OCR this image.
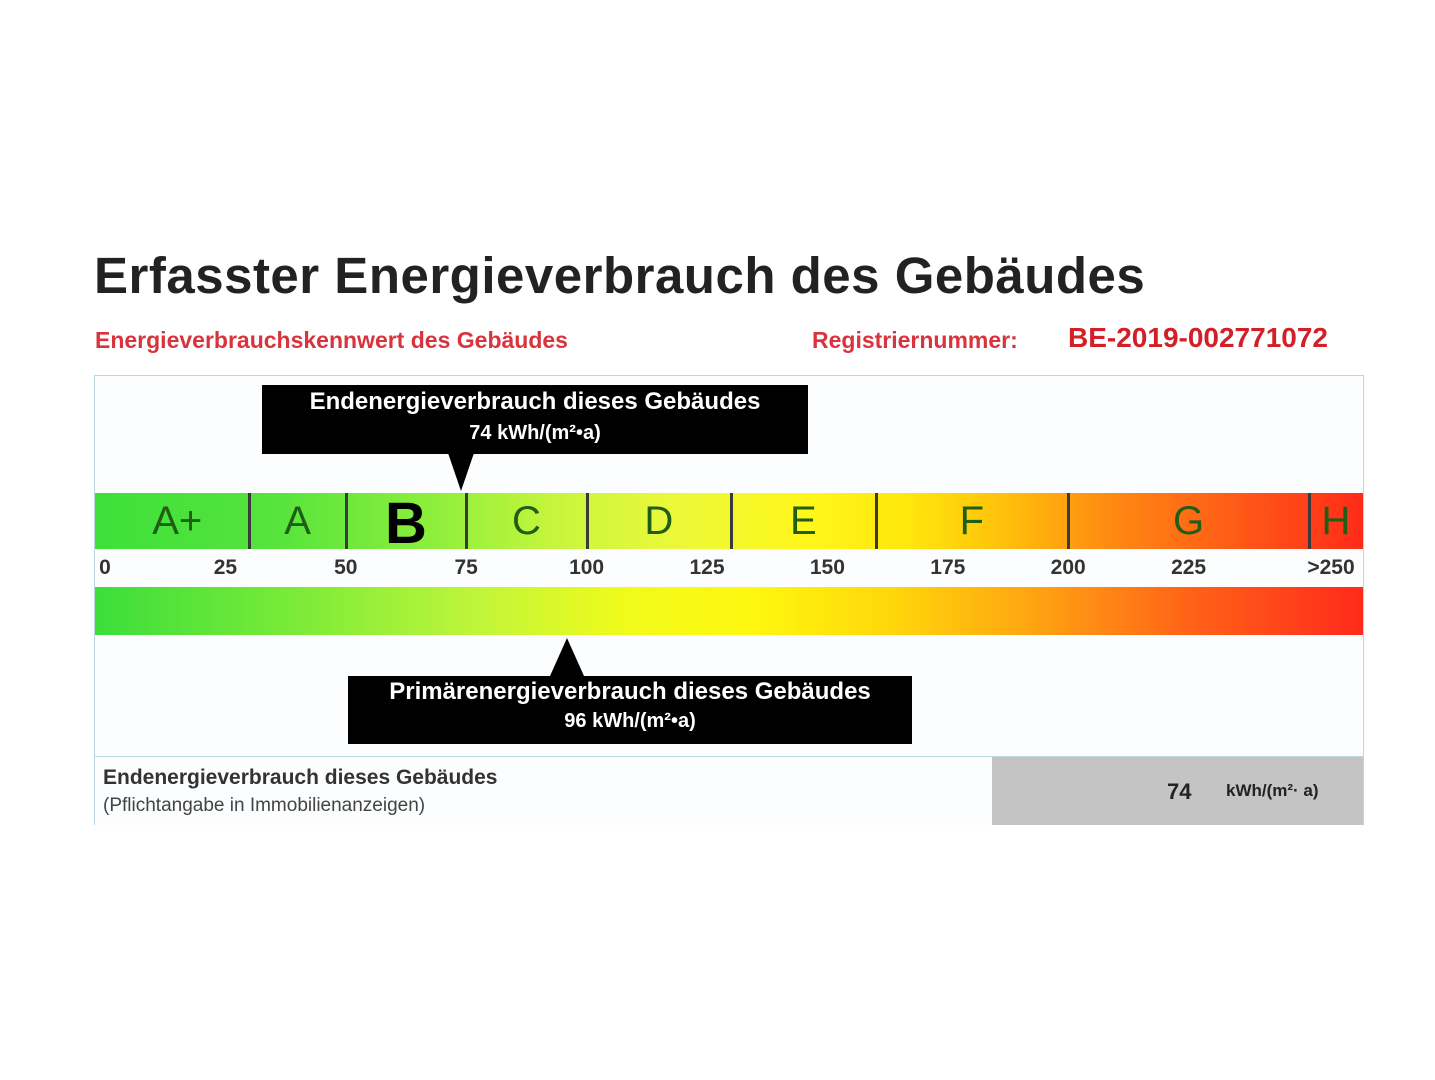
Erfasster Energieverbrauch des Gebäudes
Energieverbrauchskennwert des Gebäudes	Registriernummer: BE-2019-002771072
Endenergieverbrauch dieses Gebäudes
74 kWh/(m²•a)
A+ A B C	D	E	F	G	H
0	25	50	75	100	125	150	175	200	225	>250
Primärenergieverbrauch dieses Gebäudes
96 kWh/(m²•a)
Endenergieverbrauch dieses Gebäudes
(Pflichtangabe in Immobilienanzeigen)
74 kWh/(m²· a)
